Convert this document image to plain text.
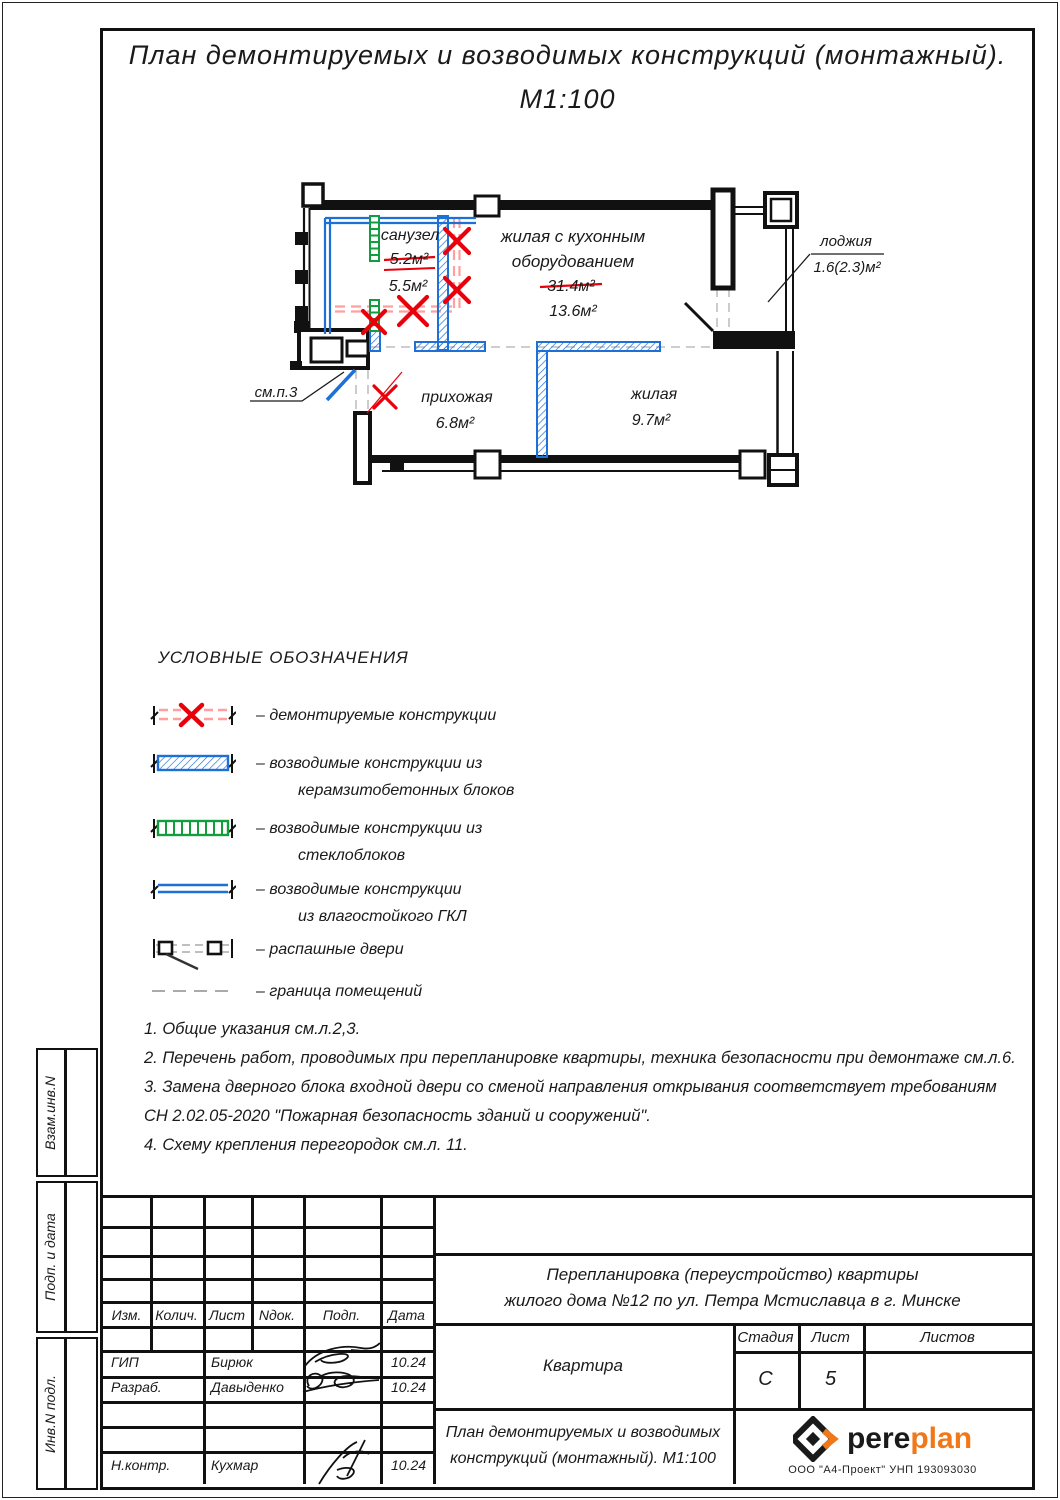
План демонтируемых и возводимых конструкций (монтажный).
М1:100
санузел
5.2м²
5.5м²
жилая с кухонным
оборудованием
31.4м²
13.6м²
прихожая
6.8м²
жилая
9.7м²
лоджия
1.6(2.3)м²
см.п.3
УСЛОВНЫЕ ОБОЗНАЧЕНИЯ
– демонтируемые конструкции
– возводимые конструкции из
керамзитобетонных блоков
– возводимые конструкции из
стеклоблоков
– возводимые конструкции
из влагостойкого ГКЛ
– распашные двери
– граница помещений
1. Общие указания см.л.2,3.
2. Перечень работ, проводимых при перепланировке квартиры, техника безопасности при демонтаже см.л.6.
3. Замена дверного блока входной двери со сменой направления открывания соответствует требованиям
СН 2.02.05-2020 "Пожарная безопасность зданий и сооружений".
4. Схему крепления перегородок см.л. 11.
Взам.инв.N
Подп. и дата
Инв.N подл.
Изм. Колич. Лист Nдок.	Подп.	Дата
ГИП	Бирюк	10.24
Разраб.	Давыденко	10.24
Н.контр.	Кухмар	10.24
Перепланировка (переустройство) квартиры
жилого дома №12 по ул. Петра Мстиславца в г. Минске
Квартира
Стадия	Лист	Листов
С	5
План демонтируемых и возводимых
конструкций (монтажный). М1:100
pereplan
ООО "А4-Проект" УНП 193093030
